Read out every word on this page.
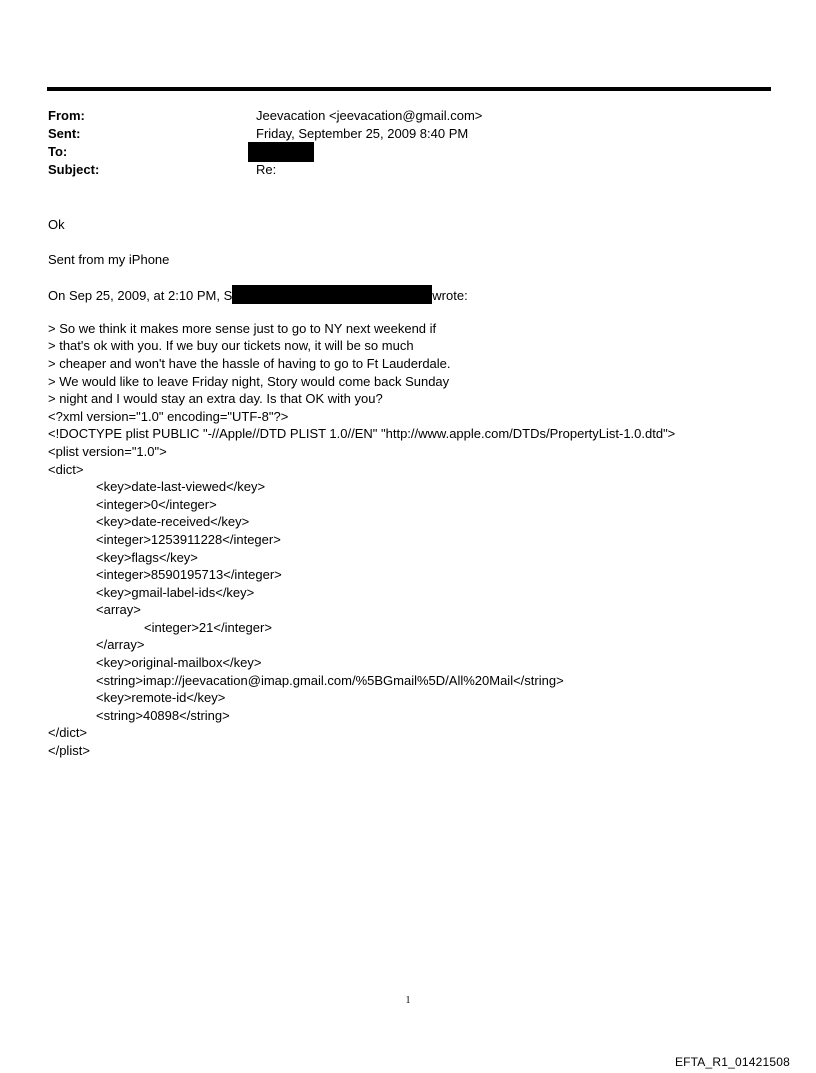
From:	Jeevacation <jeevacation@gmail.com>
Sent:	Friday, September 25, 2009 8:40 PM
To:
Subject:	Re:
Ok
Sent from my iPhone
On Sep 25, 2009, at 2:10 PM, S	wrote:
> So we think it makes more sense just to go to NY next weekend if
> that's ok with you. If we buy our tickets now, it will be so much
> cheaper and won't have the hassle of having to go to Ft Lauderdale.
> We would like to leave Friday night, Story would come back Sunday
> night and I would stay an extra day. Is that OK with you?
<?xml version="1.0" encoding="UTF-8"?>
<!DOCTYPE plist PUBLIC "-//Apple//DTD PLIST 1.0//EN" "http://www.apple.com/DTDs/PropertyList-1.0.dtd">
<plist version="1.0">
<dict>
<key>date-last-viewed</key>
<integer>0</integer>
<key>date-received</key>
<integer>1253911228</integer>
<key>flags</key>
<integer>8590195713</integer>
<key>gmail-label-ids</key>
<array>
<integer>21</integer>
</array>
<key>original-mailbox</key>
<string>imap://jeevacation@imap.gmail.com/%5BGmail%5D/All%20Mail</string>
<key>remote-id</key>
<string>40898</string>
</dict>
</plist>
1
EFTA_R1_01421508
